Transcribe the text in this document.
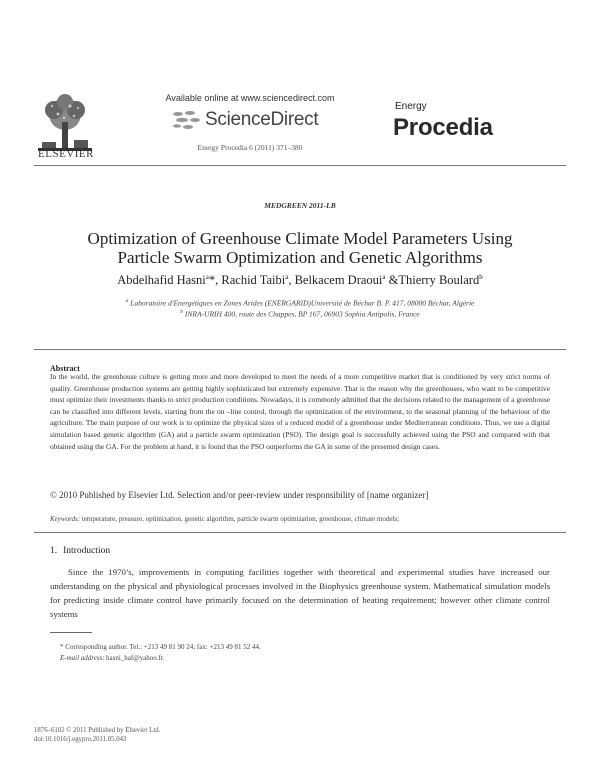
ELSEVIER
Available online at www.sciencedirect.com
ScienceDirect
Energy Procedia 6 (2011) 371–380
Energy
Procedia
MEDGREEN 2011-LB
Optimization of Greenhouse Climate Model Parameters Using
Particle Swarm Optimization and Genetic Algorithms
Abdelhafid Hasni$^a$*, Rachid Taibi$^a$, Belkacem Draoui$^a$ &Thierry Boulard$^b$
$^a$ Laboratoire d'Energétiques en Zones Arides (ENERGARID)Université de Béchar B. P. 417, 08000 Béchar, Algérie
$^b$ INRA-URIH 400, route des Chappes, BP 167, 06903 Sophia Antipolis, France
Abstract
In the world, the greenhouse culture is getting more and more developed to meet the needs of a more competitive market that is conditioned by very strict norms of quality. Greenhouse production systems are getting highly sophisticated but extremely expensive. That is the reason why the greenhouses, who want to be competitive must optimize their investments thanks to strict production conditions. Nowadays, it is commonly admitted that the decisions related to the management of a greenhouse can be classified into different levels, starting from the on –line control, through the optimization of the environment, to the seasonal planning of the behaviour of the agriculture. The main purpose of our work is to optimize the physical sizes of a reduced model of a greenhouse under Mediterranean conditions. Thus, we use a digital simulation based genetic algorithm (GA) and a particle swarm optimization (PSO). The design goal is successfully achieved using the PSO and compared with that obtained using the GA. For the problem at hand, it is found that the PSO outperforms the GA in some of the presented design cases.
© 2010 Published by Elsevier Ltd. Selection and/or peer-review under responsibility of [name organizer]
Keywords: temperature, pressure, optimization, genetic algorithm, particle swarm optimization, greenhouse, climate models;
1. Introduction

Since the 1970’s, improvements in computing facilities together with theoretical and experimental studies have increased our understanding on the physical and physiological processes involved in the Biophysics greenhouse system. Mathematical simulation models for predicting inside climate control have primarily focused on the determination of heating requirement; however other climate control systems

* Corresponding author. Tel.: +213 49 81 90 24; fax: +213 49 81 52 44.
E-mail address: hasni_haf@yahoo.fr.
1876–6102 © 2011 Published by Elsevier Ltd.
doi:10.1016/j.egypro.2011.05.043
